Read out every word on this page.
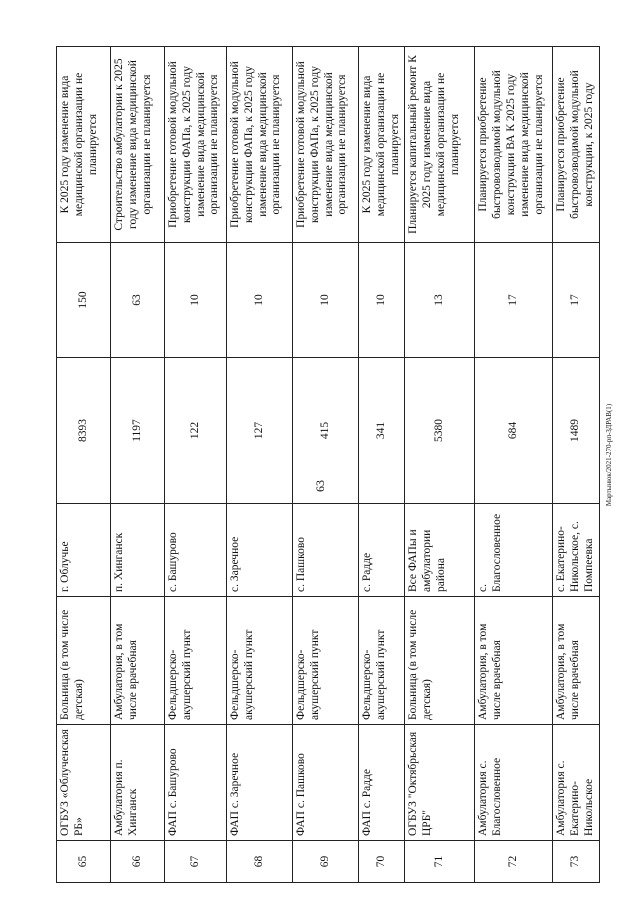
63
65	ОГБУЗ «Облученская РБ»	Больница (в том числе детская)	г. Облучье	8393	150	К 2025 году изменение вида медицинской организации не планируется
66	Амбулатория п. Хинганск	Амбулатория, в том числе врачебная	п. Хинганск	1197	63	Строительство амбулатории к 2025 году изменение вида медицинской организации не планируется
67	ФАП с. Башурово	Фельдшерско-акушерский пункт	с. Башурово	122	10	Приобретение готовой модульной конструкции ФАПа, к 2025 году изменение вида медицинской организации не планируется
68	ФАП с. Заречное	Фельдшерско-акушерский пункт	с. Заречное	127	10	Приобретение готовой модульной конструкции ФАПа, к 2025 году изменение вида медицинской организации не планируется
69	ФАП с. Пашково	Фельдшерско-акушерский пункт	с. Пашково	415	10	Приобретение готовой модульной конструкции ФАПа, к 2025 году изменение вида медицинской организации не планируется
70	ФАП с. Радде	Фельдшерско-акушерский пункт	с. Радде	341	10	К 2025 году изменение вида медицинской организации не планируется
71	ОГБУЗ "Октябрьская ЦРБ"	Больница (в том числе детская)	Все ФАПы и амбулатории района	5380	13	Планируется капитальный ремонт К 2025 году изменение вида медицинской организации не планируется
72	Амбулатория с. Благословенное	Амбулатория, в том числе врачебная	с. Благословенное	684	17	Планируется приобретение быстровозводимой модульной конструкции ВА К 2025 году изменение вида медицинской организации не планируется
73	Амбулатория с. Екатерино-Никольское	Амбулатория, в том числе врачебная	с. Екатерино-Никольское, с. Помпеевка	1489	17	Планируется приобретение быстровозводимой модульной конструкции, к 2025 году
Мартынюк/2021-270-рп-ЗДРАВ(1)
